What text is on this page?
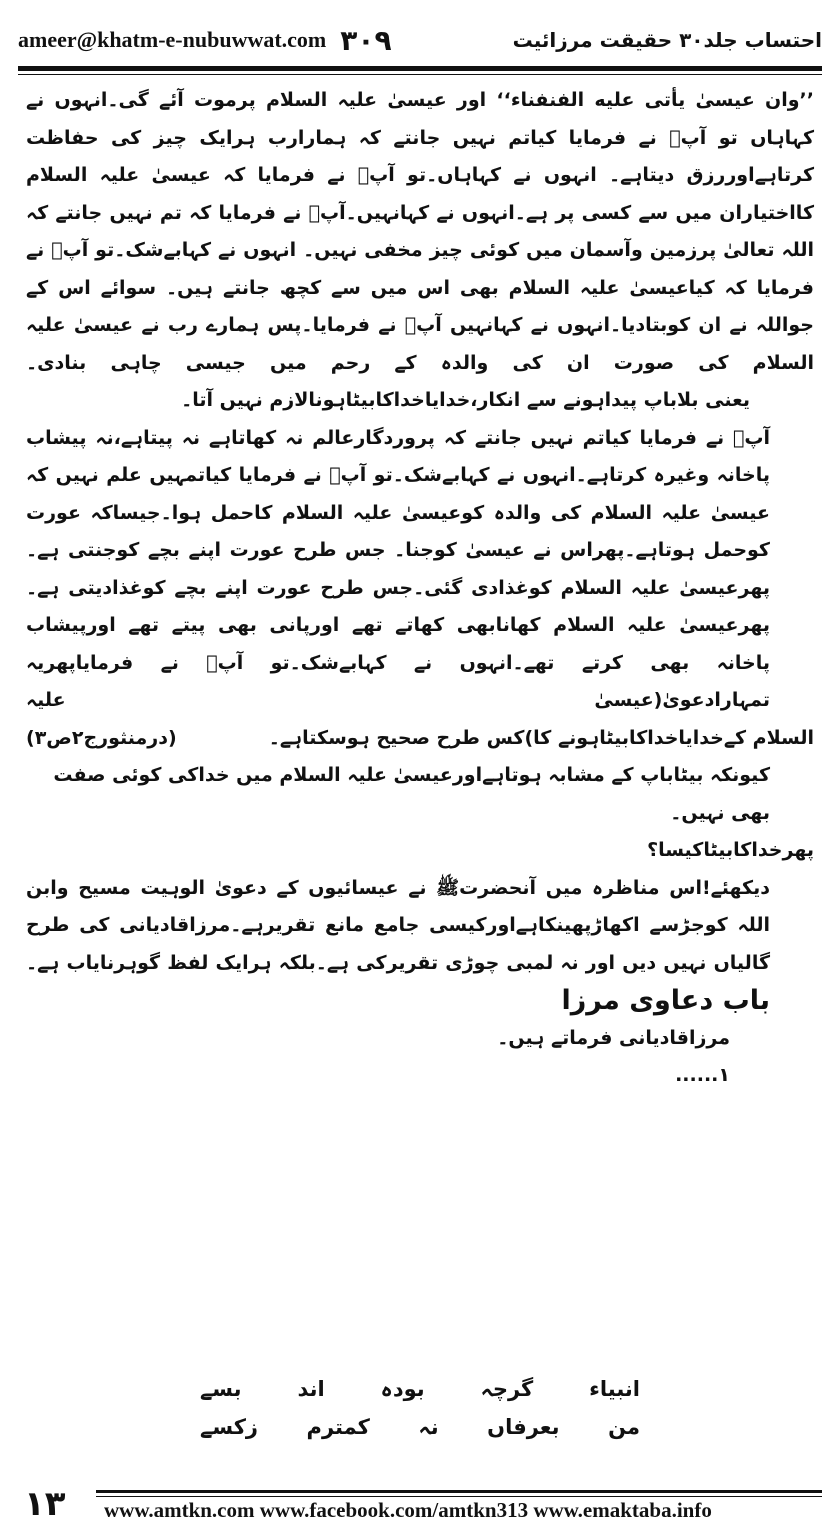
ameer@khatm-e-nubuwwat.com ۳۰۹	احتساب جلد۳۰ حقیقت مرزائیت

’’وان عیسیٰ یأتی علیه الفنفناء‘‘ اور عیسیٰ علیہ السلام پرموت آئے گی۔انہوں نے کہاہاں تو آپؐ نے فرمایا کیاتم نہیں جانتے کہ ہمارارب ہرایک چیز کی حفاظت کرتاہےاوررزق دیتاہے۔ انہوں نے کہاہاں۔تو آپؐ نے فرمایا کہ عیسیٰ علیہ السلام کااختیاران میں سے کسی پر ہے۔انہوں نے کہانہیں۔آپؐ نے فرمایا کہ تم نہیں جانتے کہ اللہ تعالیٰ پرزمین وآسمان میں کوئی چیز مخفی نہیں۔ انہوں نے کہابےشک۔تو آپؐ نے فرمایا کہ کیاعیسیٰ علیہ السلام بھی اس میں سے کچھ جانتے ہیں۔ سوائے اس کے جواللہ نے ان کوبتادیا۔انہوں نے کہانہیں آپؐ نے فرمایا۔پس ہمارے رب نے عیسیٰ علیہ السلام کی صورت ان کی والدہ کے رحم میں جیسی چاہی بنادی۔

یعنی بلاباپ پیداہونے سے انکار،خدایاخداکابیٹاہونالازم نہیں آتا۔

آپؐ نے فرمایا کیاتم نہیں جانتے کہ پروردگارعالم نہ کھاتاہے نہ پیتاہے،نہ پیشاب پاخانہ وغیرہ کرتاہے۔انہوں نے کہابےشک۔تو آپؐ نے فرمایا کیاتمہیں علم نہیں کہ عیسیٰ علیہ السلام کی والدہ کوعیسیٰ علیہ السلام کاحمل ہوا۔جیساکہ عورت کوحمل ہوتاہے۔پھراس نے عیسیٰ کوجنا۔ جس طرح عورت اپنے بچے کوجنتی ہے۔پھرعیسیٰ علیہ السلام کوغذادی گئی۔جس طرح عورت اپنے بچے کوغذادیتی ہے۔پھرعیسیٰ علیہ السلام کھانابھی کھاتے تھے اورپانی بھی پیتے تھے اورپیشاب پاخانہ بھی کرتے تھے۔انہوں نے کہابےشک۔تو آپؐ نے فرمایاپھریہ تمہارادعویٰ(عیسیٰ علیہ

السلام کےخدایاخداکابیٹاہونے کا)کس طرح صحیح ہوسکتاہے۔
(درمنثورج۲ص۳)

کیونکہ بیٹاباپ کے مشابہ ہوتاہےاورعیسیٰ علیہ السلام میں خداکی کوئی صفت بھی نہیں۔

پھرخداکابیٹاکیسا؟

دیکھئے!اس مناظرہ میں آنحضرتﷺ نے عیسائیوں کے دعویٰ الوہیت مسیح وابن اللہ کوجڑسے اکھاڑپھینکاہےاورکیسی جامع مانع تقریرہے۔مرزاقادیانی کی طرح گالیاں نہیں دیں اور نہ لمبی چوڑی تقریرکی ہے۔بلکہ ہرایک لفظ گوہرنایاب ہے۔

باب دعاوی مرزا

مرزاقادیانی فرماتے ہیں۔

۱......

انبیاء
گرچہ
بودہ
اند
بسے
من
بعرفاں
نہ
کمترم
زکسے
۱۳ www.amtkn.com www.facebook.com/amtkn313 www.emaktaba.info
